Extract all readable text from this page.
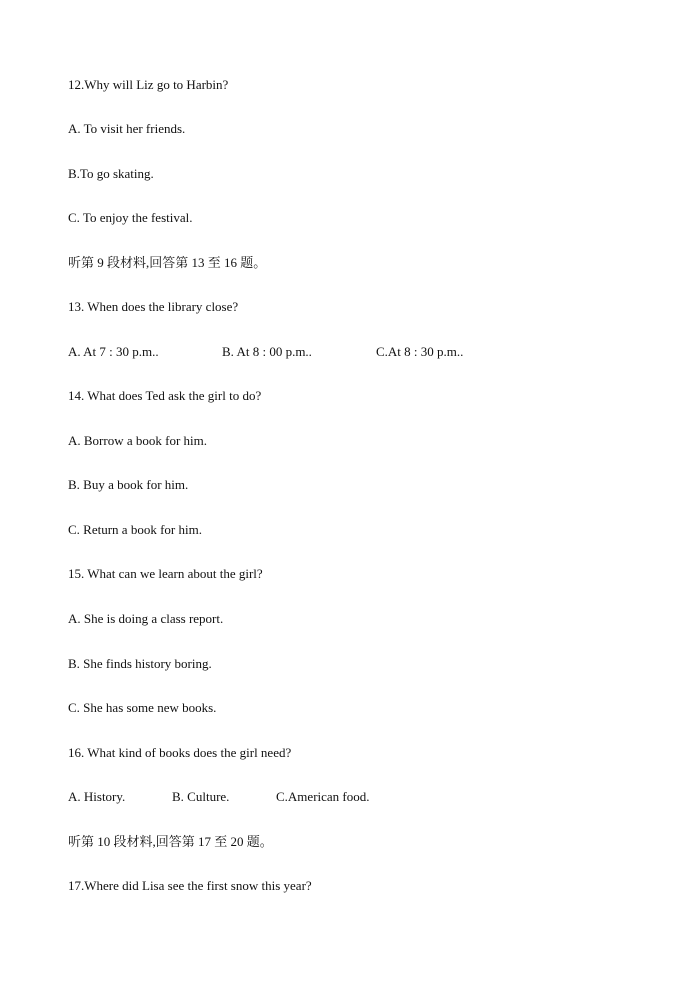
12.Why will Liz go to Harbin?
A. To visit her friends.
B.To go skating.
C. To enjoy the festival.
听第 9 段材料,回答第 13 至 16 题。
13. When does the library close?
A. At 7 : 30 p.m..	B. At 8 : 00 p.m..	C.At 8 : 30 p.m..
14. What does Ted ask the girl to do?
A. Borrow a book for him.
B. Buy a book for him.
C. Return a book for him.
15. What can we learn about the girl?
A. She is doing a class report.
B. She finds history boring.
C. She has some new books.
16. What kind of books does the girl need?
A. History.	B. Culture.	C.American food.
听第 10 段材料,回答第 17 至 20 题。
17.Where did Lisa see the first snow this year?
